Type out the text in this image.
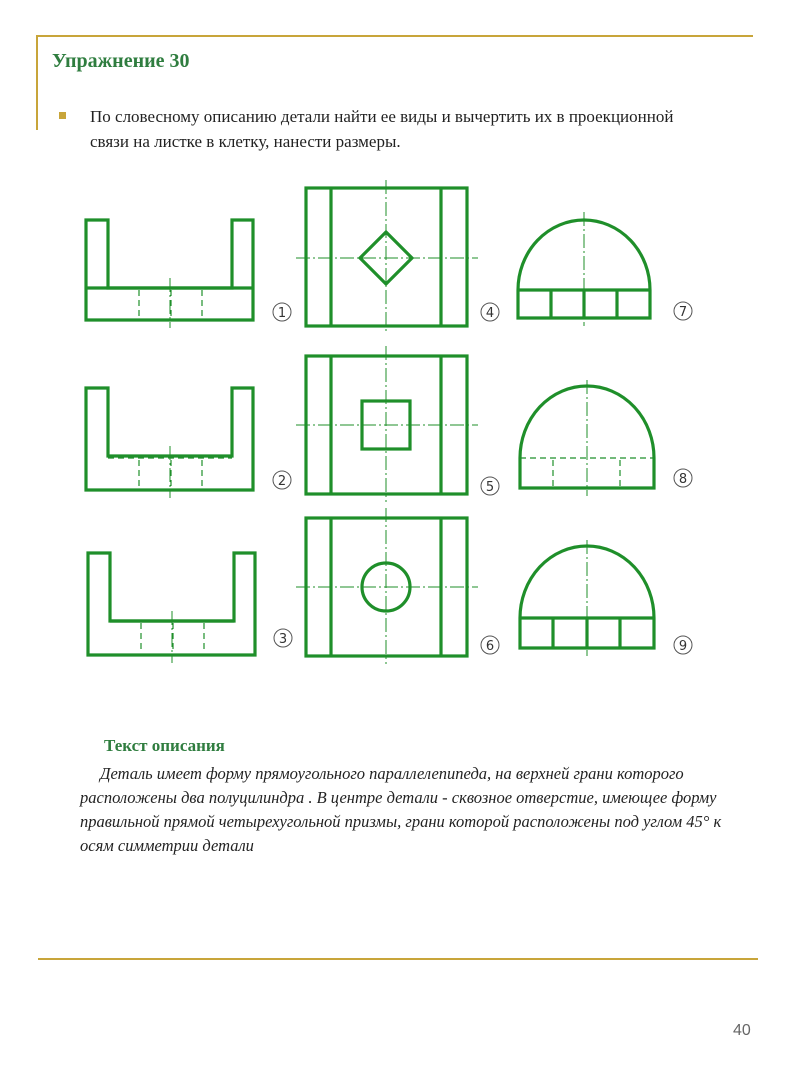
Упражнение 30
По словесному описанию детали найти ее виды и вычертить их в проекционной связи на листке в клетку, нанести размеры.
1	4	7
2	5
8
3	6	9
Текст описания

Деталь имеет форму прямоугольного параллелепипеда, на верхней грани которого расположены два полуцилиндра . В центре детали - сквозное отверстие, имеющее форму правильной прямой четырехугольной призмы, грани которой расположены под углом 45° к осям симметрии детали

40
